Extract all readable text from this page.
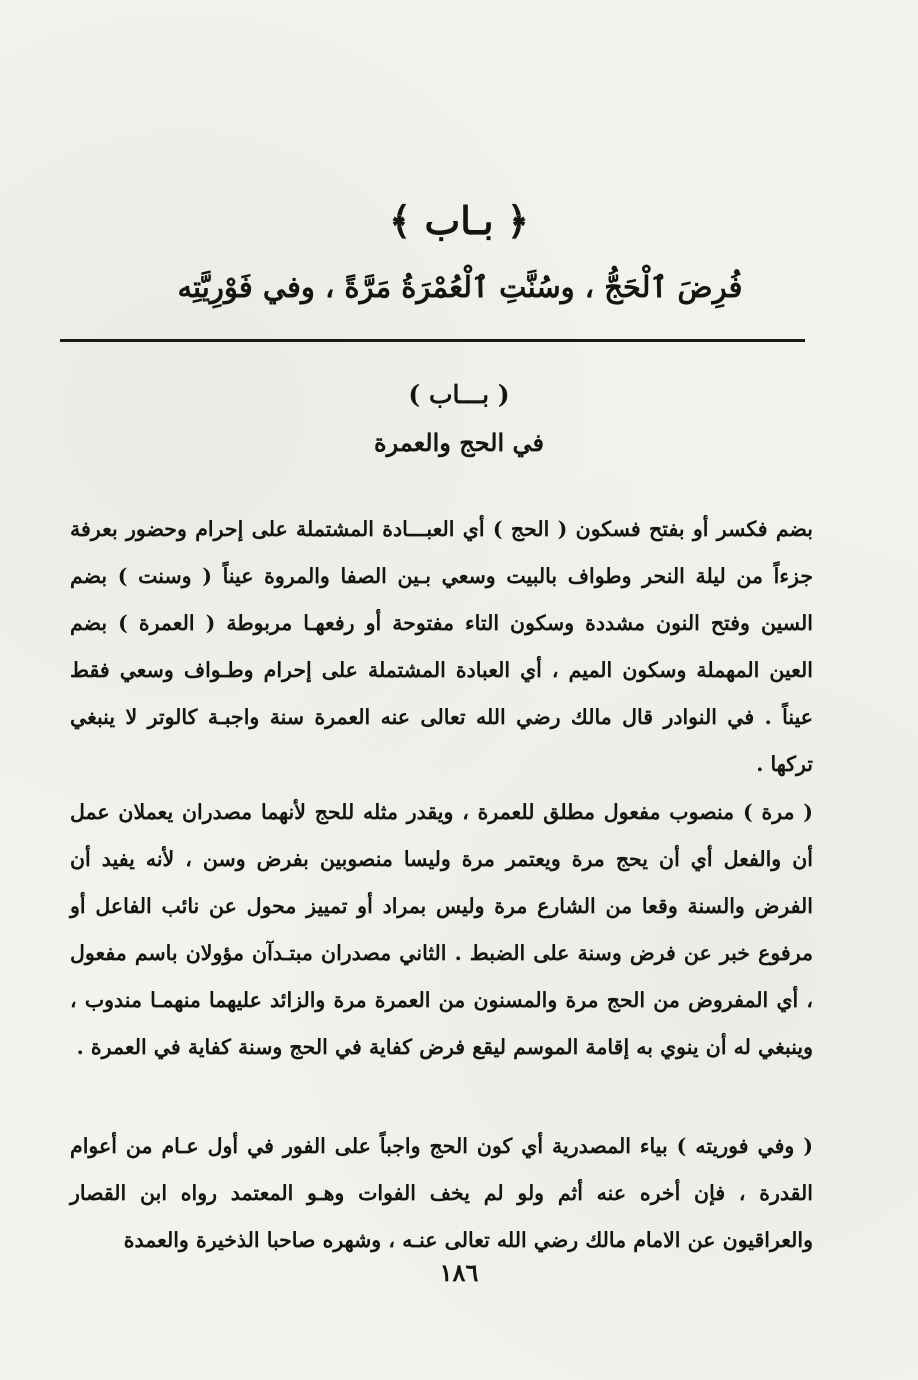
﴿ بـاب ﴾
فُرِضَ ٱلْحَجُّ ، وسُنَّتِ ٱلْعُمْرَةُ مَرَّةً ، وفي فَوْرِيَّتِه
( بـــاب )
في الحج والعمرة

بضم فكسر أو بفتح فسكون ( الحج ) أي العبـــادة المشتملة على إحرام وحضور بعرفة جزءاً من ليلة النحر وطواف بالبيت وسعي بـين الصفا والمروة عيناً ( وسنت ) بضم السين وفتح النون مشددة وسكون التاء مفتوحة أو رفعهـا مربوطة ( العمرة ) بضم العين المهملة وسكون الميم ، أي العبادة المشتملة على إحرام وطـواف وسعي فقط عيناً . في النوادر قال مالك رضي الله تعالى عنه العمرة سنة واجبـة كالوتر لا ينبغي تركها .

( مرة ) منصوب مفعول مطلق للعمرة ، ويقدر مثله للحج لأنهما مصدران يعملان عمل أن والفعل أي أن يحج مرة ويعتمر مرة وليسا منصوبين بفرض وسن ، لأنه يفيد أن الفرض والسنة وقعا من الشارع مرة وليس بمراد أو تمييز محول عن نائب الفاعل أو مرفوع خبر عن فرض وسنة على الضبط . الثاني مصدران مبتـدآن مؤولان باسم مفعول ، أي المفروض من الحج مرة والمسنون من العمرة مرة والزائد عليهما منهمـا مندوب ، وينبغي له أن ينوي به إقامة الموسم ليقع فرض كفاية في الحج وسنة كفاية في العمرة .

( وفي فوريته ) بياء المصدرية أي كون الحج واجباً على الفور في أول عـام من أعوام القدرة ، فإن أخره عنه أثم ولو لم يخف الفوات وهـو المعتمد رواه ابن القصار والعراقيون عن الامام مالك رضي الله تعالى عنـه ، وشهره صاحبا الذخيرة والعمدة

١٨٦
